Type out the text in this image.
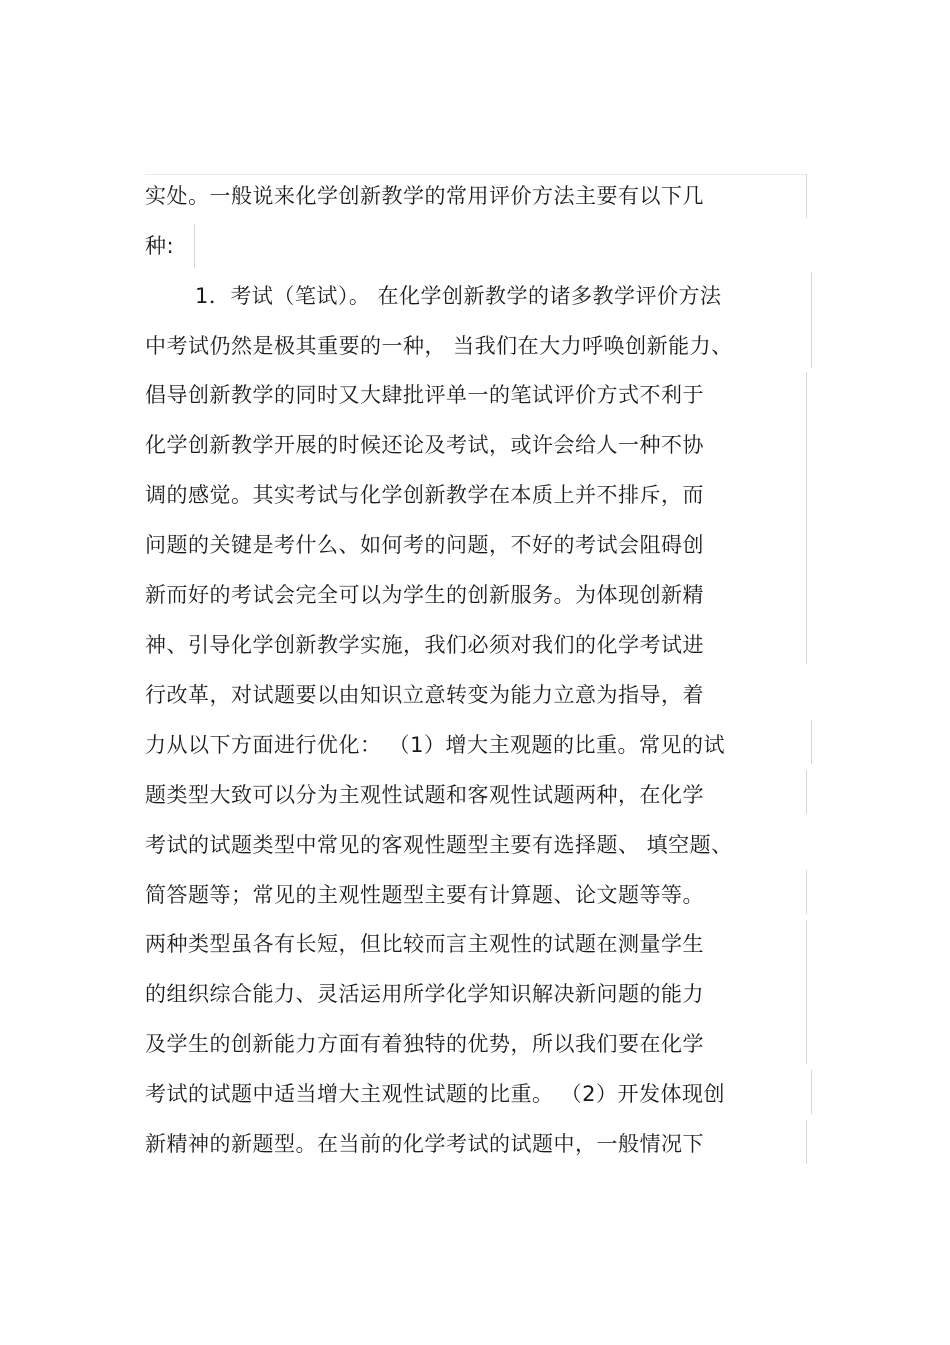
实处。一般说来化学创新教学的常用评价方法主要有以下几
种:
1．考试（笔试）。 在化学创新教学的诸多教学评价方法
中考试仍然是极其重要的一种， 当我们在大力呼唤创新能力、
倡导创新教学的同时又大肆批评单一的笔试评价方式不利于
化学创新教学开展的时候还论及考试，或许会给人一种不协
调的感觉。其实考试与化学创新教学在本质上并不排斥，而
问题的关键是考什么、如何考的问题，不好的考试会阻碍创
新而好的考试会完全可以为学生的创新服务。为体现创新精
神、引导化学创新教学实施，我们必须对我们的化学考试进
行改革，对试题要以由知识立意转变为能力立意为指导，着
力从以下方面进行优化： （1）增大主观题的比重。常见的试
题类型大致可以分为主观性试题和客观性试题两种，在化学
考试的试题类型中常见的客观性题型主要有选择题、 填空题、
简答题等；常见的主观性题型主要有计算题、论文题等等。
两种类型虽各有长短，但比较而言主观性的试题在测量学生
的组织综合能力、灵活运用所学化学知识解决新问题的能力
及学生的创新能力方面有着独特的优势，所以我们要在化学
考试的试题中适当增大主观性试题的比重。 （2）开发体现创
新精神的新题型。在当前的化学考试的试题中，一般情况下
